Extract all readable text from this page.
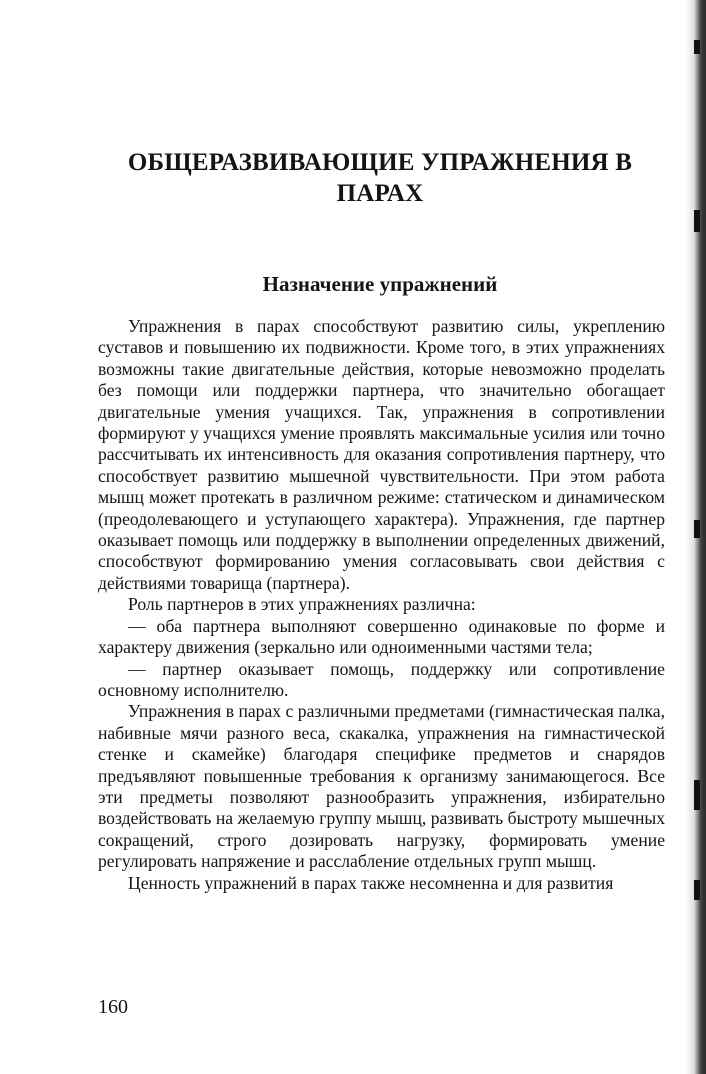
ОБЩЕРАЗВИВАЮЩИЕ УПРАЖНЕНИЯ В ПАРАХ
Назначение упражнений

Упражнения в парах способствуют развитию силы, укреплению суставов и повышению их подвижности. Кроме того, в этих упражнениях возможны такие двигательные действия, которые невозможно проделать без помощи или поддержки партнера, что значительно обогащает двигательные умения учащихся. Так, упражнения в сопротивлении формируют у учащихся умение проявлять максимальные усилия или точно рассчитывать их интенсивность для оказания сопротивления партнеру, что способствует развитию мышечной чувствительности. При этом работа мышц может протекать в различном режиме: статическом и динамическом (преодолевающего и уступающего характера). Упражнения, где партнер оказывает помощь или поддержку в выполнении определенных движений, способствуют формированию умения согласовывать свои действия с действиями товарища (партнера).

Роль партнеров в этих упражнениях различна:

— оба партнера выполняют совершенно одинаковые по форме и характеру движения (зеркально или одноименными частями тела;

— партнер оказывает помощь, поддержку или сопротивление основному исполнителю.

Упражнения в парах с различными предметами (гимнастическая палка, набивные мячи разного веса, скакалка, упражнения на гимнастической стенке и скамейке) благодаря специфике предметов и снарядов предъявляют повышенные требования к организму занимающегося. Все эти предметы позволяют разнообразить упражнения, избирательно воздействовать на желаемую группу мышц, развивать быстроту мышечных сокращений, строго дозировать нагрузку, формировать умение регулировать напряжение и расслабление отдельных групп мышц.

Ценность упражнений в парах также несомненна и для развития

160
